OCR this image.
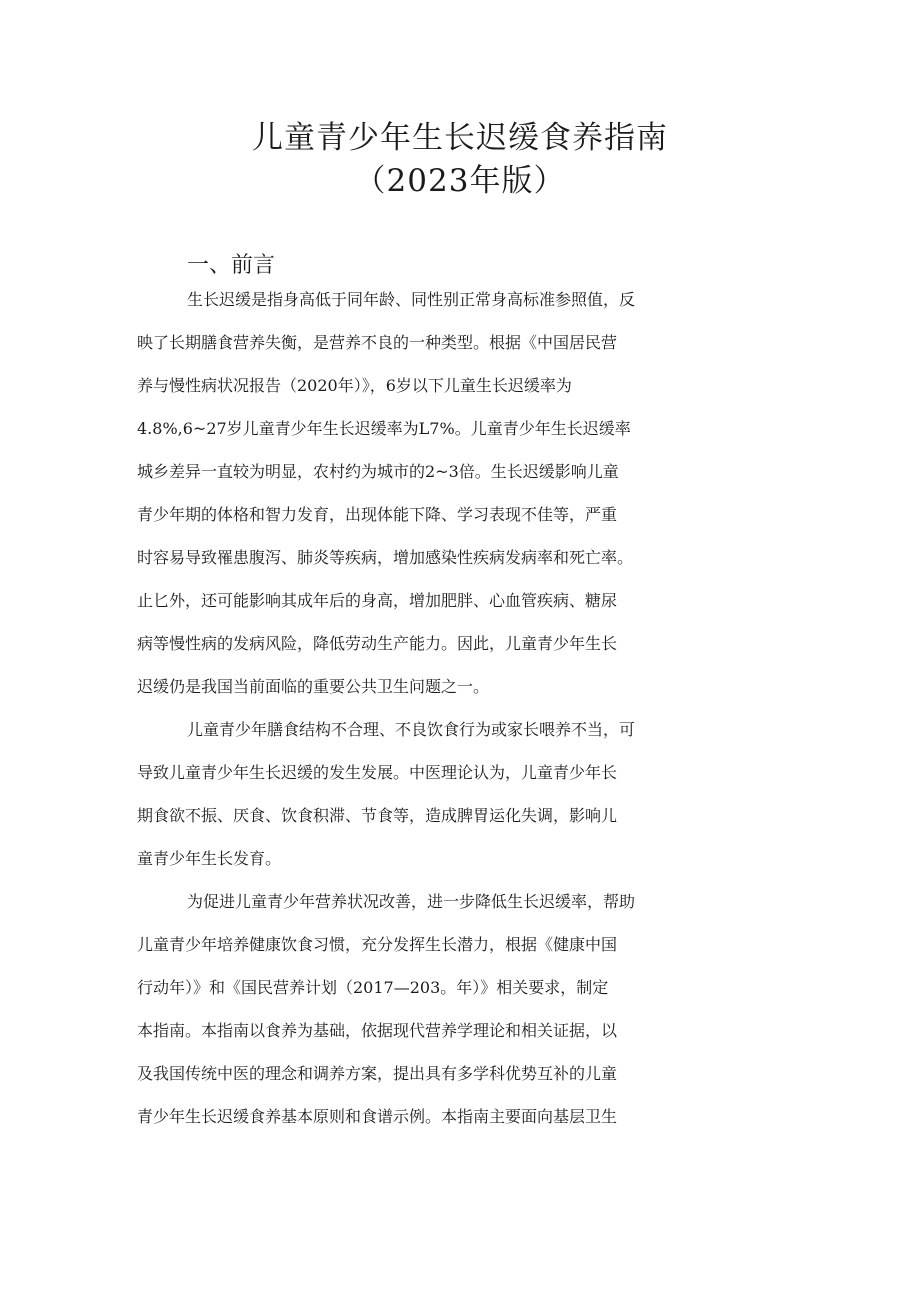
儿童青少年生长迟缓食养指南
（2023年版）
一、前言
生长迟缓是指身高低于同年龄、同性别正常身高标准参照值，反
映了长期膳食营养失衡，是营养不良的一种类型。根据《中国居民营
养与慢性病状况报告（2020年）》，6岁以下儿童生长迟缓率为
4.8%,6~27岁儿童青少年生长迟缓率为L7%。儿童青少年生长迟缓率
城乡差异一直较为明显，农村约为城市的2~3倍。生长迟缓影响儿童
青少年期的体格和智力发育，出现体能下降、学习表现不佳等，严重
时容易导致罹患腹泻、肺炎等疾病，增加感染性疾病发病率和死亡率。
止匕外，还可能影响其成年后的身高，增加肥胖、心血管疾病、糖尿
病等慢性病的发病风险，降低劳动生产能力。因此，儿童青少年生长
迟缓仍是我国当前面临的重要公共卫生问题之一。
儿童青少年膳食结构不合理、不良饮食行为或家长喂养不当，可
导致儿童青少年生长迟缓的发生发展。中医理论认为，儿童青少年长
期食欲不振、厌食、饮食积滞、节食等，造成脾胃运化失调，影响儿
童青少年生长发育。
为促进儿童青少年营养状况改善，进一步降低生长迟缓率，帮助
儿童青少年培养健康饮食习惯，充分发挥生长潜力，根据《健康中国
行动年）》和《国民营养计划（2017—203。年）》相关要求，制定
本指南。本指南以食养为基础，依据现代营养学理论和相关证据，以
及我国传统中医的理念和调养方案，提出具有多学科优势互补的儿童
青少年生长迟缓食养基本原则和食谱示例。本指南主要面向基层卫生
